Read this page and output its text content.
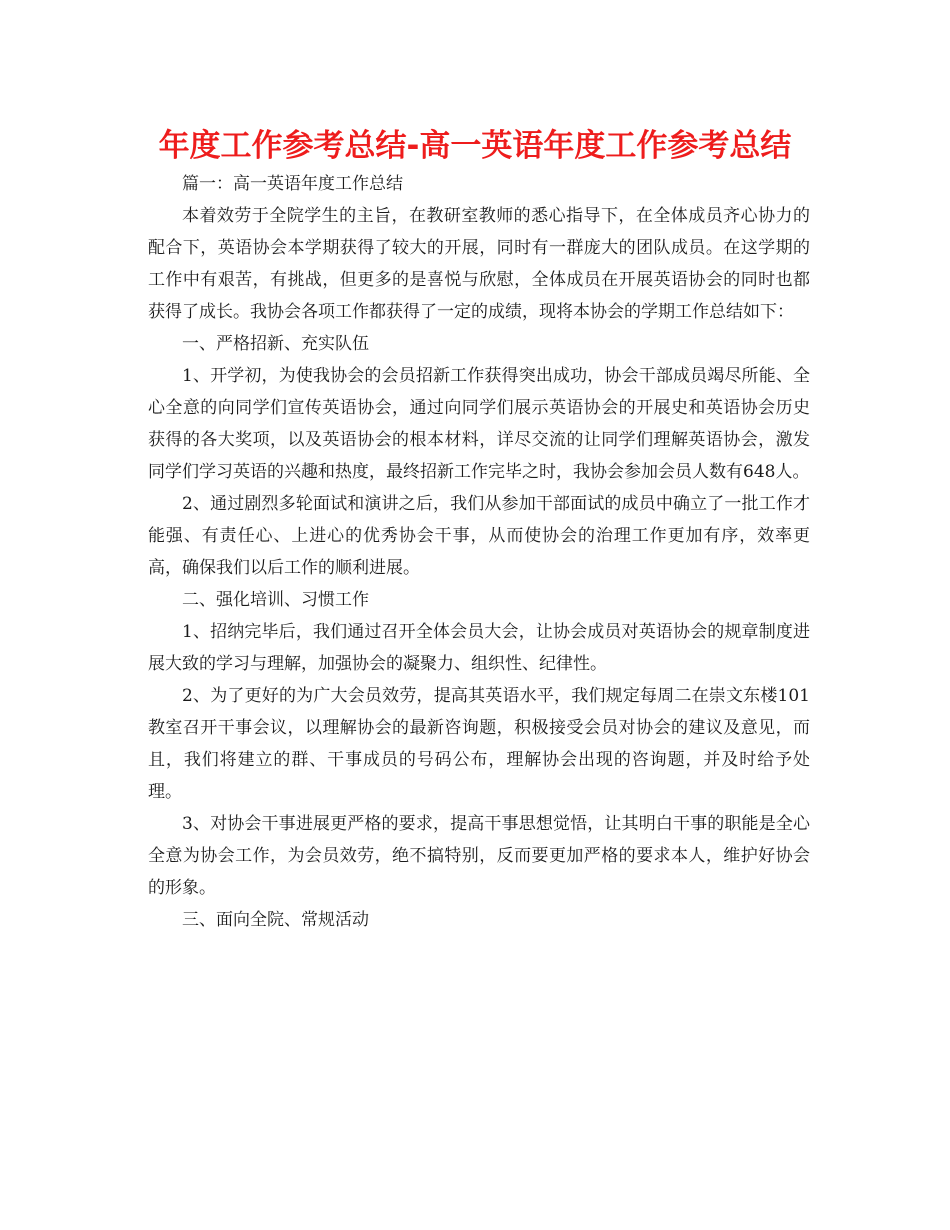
年度工作参考总结-高一英语年度工作参考总结

篇一：高一英语年度工作总结

本着效劳于全院学生的主旨，在教研室教师的悉心指导下，在全体成员齐心协力的配合下，英语协会本学期获得了较大的开展，同时有一群庞大的团队成员。在这学期的工作中有艰苦，有挑战，但更多的是喜悦与欣慰，全体成员在开展英语协会的同时也都获得了成长。我协会各项工作都获得了一定的成绩，现将本协会的学期工作总结如下：

一、严格招新、充实队伍

1、开学初，为使我协会的会员招新工作获得突出成功，协会干部成员竭尽所能、全心全意的向同学们宣传英语协会，通过向同学们展示英语协会的开展史和英语协会历史获得的各大奖项，以及英语协会的根本材料，详尽交流的让同学们理解英语协会，激发同学们学习英语的兴趣和热度，最终招新工作完毕之时，我协会参加会员人数有648人。

2、通过剧烈多轮面试和演讲之后，我们从参加干部面试的成员中确立了一批工作才能强、有责任心、上进心的优秀协会干事，从而使协会的治理工作更加有序，效率更高，确保我们以后工作的顺利进展。

二、强化培训、习惯工作

1、招纳完毕后，我们通过召开全体会员大会，让协会成员对英语协会的规章制度进展大致的学习与理解，加强协会的凝聚力、组织性、纪律性。

2、为了更好的为广大会员效劳，提高其英语水平，我们规定每周二在崇文东楼101教室召开干事会议，以理解协会的最新咨询题，积极接受会员对协会的建议及意见，而且，我们将建立的群、干事成员的号码公布，理解协会出现的咨询题，并及时给予处理。

3、对协会干事进展更严格的要求，提高干事思想觉悟，让其明白干事的职能是全心全意为协会工作，为会员效劳，绝不搞特别，反而要更加严格的要求本人，维护好协会的形象。

三、面向全院、常规活动
